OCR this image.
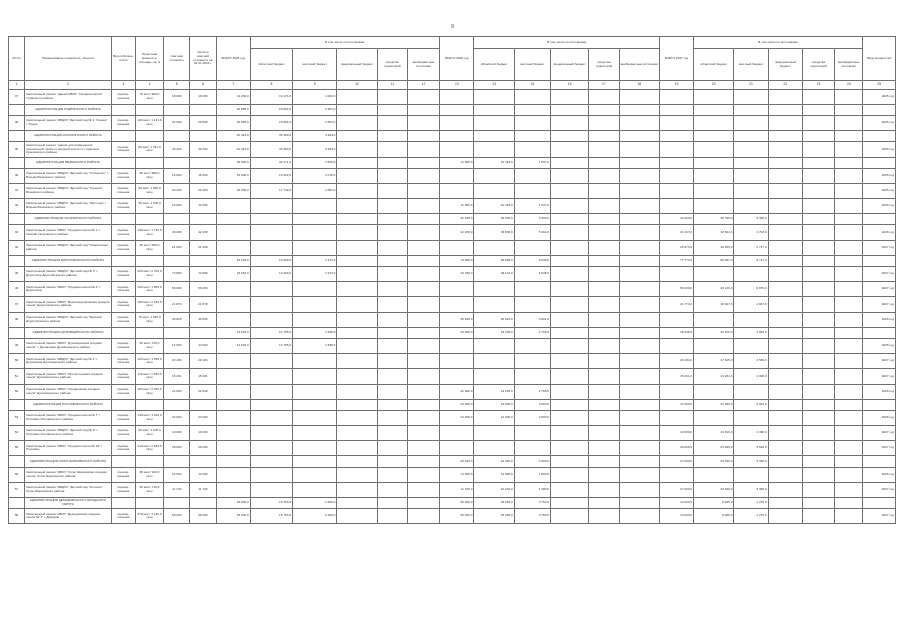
9
№ п/п	Наименование показателя, объекта	Вид собствен-ности	Проектная мощность, площадь, кв. м	Сметная стоимость	Остаток сметной стоимости на 01.01.2024 г.	ВСЕГО 2025 год	В том числе по источникам:					ВСЕГО 2026 год	В том числе по источникам					ВСЕГО 2027 год	В том числе по источникам:					Ввод мощностей
							областной бюджет	местный бюджет	федеральный бюджет	средства территорий	внебюджетные источники		областной бюджет	местный бюджет	федеральный бюджет	средства территорий	внебюджетные источники		областной бюджет	местный бюджет	федеральный бюджет	средства территорий	внебюджетные источники	
1	2	3	4	5	6	7	8	9	10	11	12	13	14	15	16	17	18	19	20	21	22	23	24	25
37	Капитальный ремонт зданий МБОУ "Средняя школа" Угранского района	муници-пальная	70 мест 960,0 кв.м	18 000	18 000	11 236,0	10 174,0	1 062,0																2025 год
	АДМИНИСТРАЦИЯ РУДНЯНСКОГО РАЙОНА					20 895,0	18 094,0	2 801,0																
38	Капитальный ремонт МБДОУ "Детский сад № 1 "Сказка" г. Рудня	муници-пальная	100 мест 1 141,0 кв.м	22 000	20 895	20 895,0	18 094,0	2 801,0																2025 год
	АДМИНИСТРАЦИЯ КРАСНИНСКОГО РАЙОНА					40 424,0	35 460,0	4 964,0																
39	Капитальный ремонт здания для размещения дошкольной группы в средней школе пгт. Красный, Краснинского района	муници-пальная	80 мест 1 021,0 кв.м	45 424	40 424	40 424,0	35 460,0	4 964,0																2025 год
	АДМИНИСТРАЦИЯ ВЯЗЕМСКОГО РАЙОНА					36 900,0	32 271,0	4 629,0				11 960,0	10 423,0	1 537,0										
40	Капитальный ремонт МБДОУ "Детский сад "Солнышко" г. Вязьма Вяземского района	муници-пальная	80 мест 980,0 кв.м	16 600	16 600	16 600,0	14 522,0	2 078,0																2025 год
41	Капитальный ремонт МБДОУ "Детский сад "Теремок" Вяземского района	муници-пальная	90 мест 1 050,0 кв.м	20 300	20 300	20 300,0	17 749,0	2 551,0																2025 год
42	Капитальный ремонт МБДОУ "Детский сад "Ласточка" г. Вязьма Вяземского района	муници-пальная	95 мест 1 100,0 кв.м	12 000	12 000							11 960,0	10 423,0	1 537,0										2026 год
	АДМИНИСТРАЦИЯ ГАГАРИНСКОГО РАЙОНА											42 238,0	36 836,0	5 402,0				42 200,0	36 780,0	5 420,0				
43	Капитальный ремонт МБОУ "Средняя школа № 1" г. Гагарин Гагаринского района	муници-пальная	140 мест 1 710,0 кв.м	48 280	42 238							42 238,0	36 836,0	5 402,0				21 227,0	18 524,0	2 703,0				2026 год
44	Капитальный ремонт МБДОУ "Детский сад" Гагаринского района	муници-пальная	90 мест 950,0 кв.м	21 000	21 000													20 973,0	18 256,0	2 717,0				2027 год
	АДМИНИСТРАЦИЯ ДОРОГОБУЖСКОГО РАЙОНА					15 263,0	13 290,0	1 973,0				74 605,0	65 066,0	9 539,0				77 774,0	68 057,0	9 717,0				
45	Капитальный ремонт МБДОУ "Детский сад № 3" г. Дорогобуж Дорогобужского района	муници-пальная	225 мест 2 700,0 кв.м	73 850	73 850	15 263,0	13 290,0	1 973,0				43 780,0	38 142,0	5 638,0										2027 год
46	Капитальный ремонт МБОУ "Средняя школа № 2" г. Дорогобуж	муници-пальная	165 мест 1 950,0 кв.м	56 000	56 000													56 000,0	49 130,0	6 870,0				2027 год
47	Капитальный ремонт МБОУ "Верхнеднепровская средняя школа" Дорогобужского района	муници-пальная	180 мест 2 150,0 кв.м	21 870	21 870													21 774,0	18 927,0	2 847,0				2027 год
48	Капитальный ремонт МБДОУ "Детский сад "Березка" Дорогобужского района	муници-пальная	75 мест 1 045,0 кв.м	30 825	30 825							30 825,0	26 924,0	3 901,0										2026 год
	АДМИНИСТРАЦИЯ ДУХОВЩИНСКОГО РАЙОНА					14 603,0	12 765,0	1 838,0				22 000,0	19 235,0	2 765,0				35 445,0	30 876,0	4 569,0				
49	Капитальный ремонт МБОУ "Духовщинская средняя школа" г. Духовщина Духовщинского района	муници-пальная	60 мест 720,0 кв.м	14 603	14 603	14 603,0	12 765,0	1 838,0																2025 год
50	Капитальный ремонт МБДОУ "Детский сад № 1" г. Духовщина Духовщинского района	муници-пальная	120 мест 1 350,0 кв.м	20 184	20 184													20 184,0	17 615,0	2 569,0				2027 год
51	Капитальный ремонт МБОУ "Пречистенская средняя школа" Духовщинского района	муници-пальная	110 мест 1 320,0 кв.м	15 261	15 261													15 261,0	13 261,0	2 000,0				2027 год
52	Капитальный ремонт МБОУ "Озерненская средняя школа" Духовщинского района	муници-пальная	200 мест 2 400,0 кв.м	22 000	22 000							22 000,0	19 235,0	2 765,0										2026 год
	АДМИНИСТРАЦИЯ РОСЛАВЛЬСКОГО РАЙОНА											24 000,0	21 000,0	3 000,0				47 000,0	41 090,0	5 910,0				
53	Капитальный ремонт МБОУ "Средняя школа № 7" г. Рославль Рославльского района	муници-пальная	140 мест 1 610,0 кв.м	24 000	24 000							24 000,0	21 000,0	3 000,0										2026 год
54	Капитальный ремонт МБДОУ "Детский сад № 9" г. Рославль Рославльского района	муници-пальная	90 мест 1 100,0 кв.м	19 000	19 000													19 000,0	16 610,0	2 390,0				2027 год
55	Капитальный ремонт МБОУ "Средняя школа № 10" г. Рославль	муници-пальная	210 мест 2 480,0 кв.м	28 000	28 000													28 000,0	24 480,0	3 520,0				2027 год
	АДМИНИСТРАЦИЯ ХОЛМ-ЖИРКОВСКОГО РАЙОНА											26 220,0	22 920,0	3 300,0				27 000,0	23 640,0	3 360,0				
56	Капитальный ремонт МБОУ "Холм-Жирковская средняя школа" Холм-Жирковского района	муници-пальная	80 мест 940,0 кв.м	14 500	14 500							14 500,0	12 680,0	1 820,0										2026 год
57	Капитальный ремонт МБДОУ "Детский сад "Колосок" Холм-Жирковского района	муници-пальная	60 мест 710,0 кв.м	11 720	11 720							11 720,0	10 240,0	1 480,0				27 000,0	23 640,0	3 360,0				2027 год
	АДМИНИСТРАЦИЯ ДЕМИДОВСКОГО ГОРОДСКОГО ОКРУГА					18 000,0	15 750,0	2 250,0				30 000,0	26 250,0	3 750,0				10 200,0	8 925,0	1 275,0				
58	Капитальный ремонт МБОУ "Демидовская средняя школа № 1" г. Демидов	муници-пальная	370 мест 4 210,0 кв.м	58 200	58 200	18 000,0	15 750,0	2 250,0				30 000,0	26 250,0	3 750,0				10 200,0	8 925,0	1 275,0				2027 год
